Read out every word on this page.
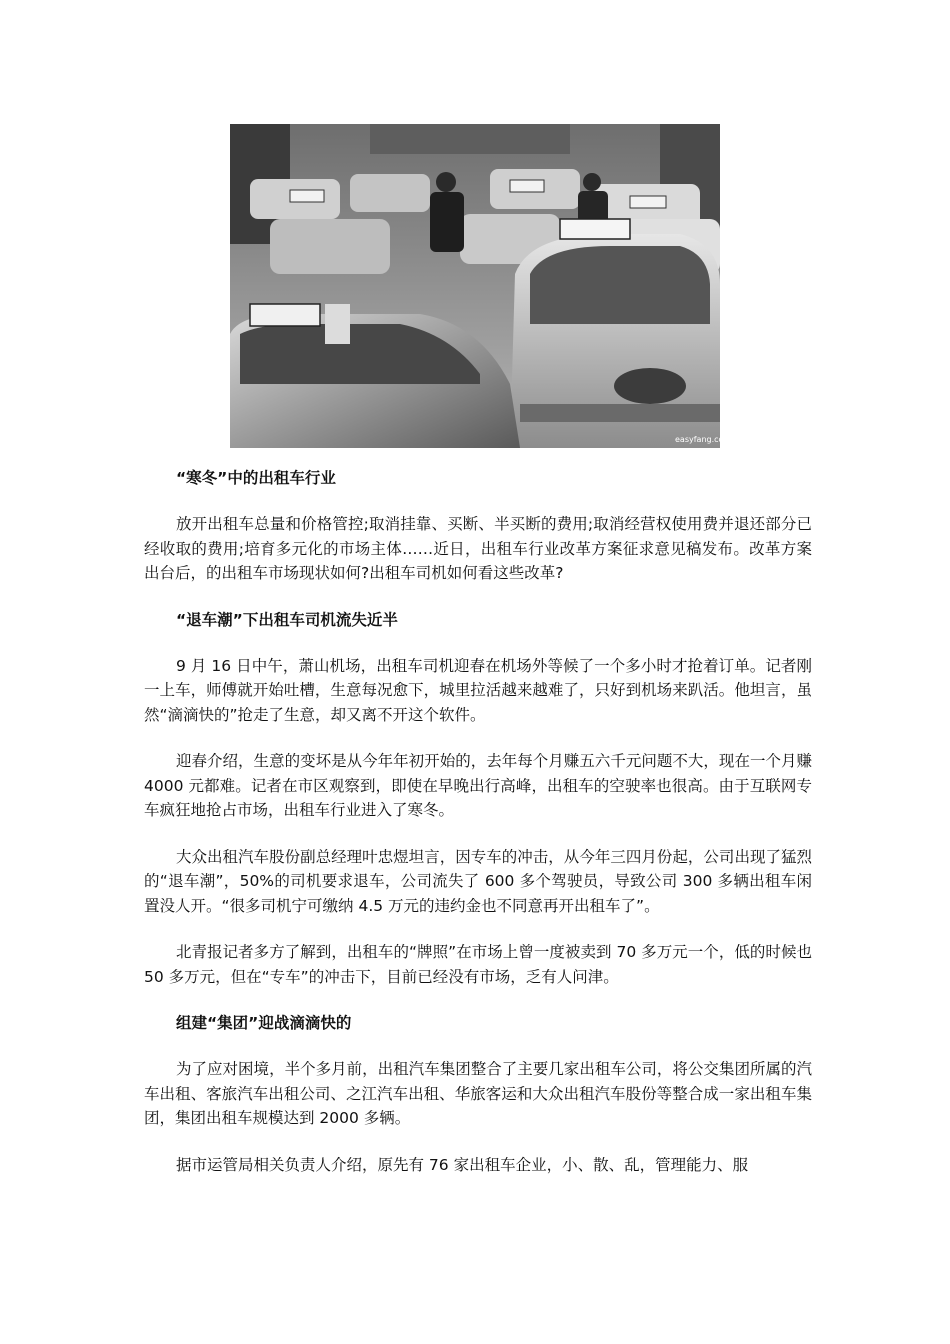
easyfang.com
“寒冬”中的出租车行业

放开出租车总量和价格管控;取消挂靠、买断、半买断的费用;取消经营权使用费并退还部分已经收取的费用;培育多元化的市场主体……近日，出租车行业改革方案征求意见稿发布。改革方案出台后，的出租车市场现状如何?出租车司机如何看这些改革?

“退车潮”下出租车司机流失近半

9 月 16 日中午，萧山机场，出租车司机迎春在机场外等候了一个多小时才抢着订单。记者刚一上车，师傅就开始吐槽，生意每况愈下，城里拉活越来越难了，只好到机场来趴活。他坦言，虽然“滴滴快的”抢走了生意，却又离不开这个软件。

迎春介绍，生意的变坏是从今年年初开始的，去年每个月赚五六千元问题不大，现在一个月赚 4000 元都难。记者在市区观察到，即使在早晚出行高峰，出租车的空驶率也很高。由于互联网专车疯狂地抢占市场，出租车行业进入了寒冬。

大众出租汽车股份副总经理叶忠煜坦言，因专车的冲击，从今年三四月份起，公司出现了猛烈的“退车潮”，50%的司机要求退车，公司流失了 600 多个驾驶员，导致公司 300 多辆出租车闲置没人开。“很多司机宁可缴纳 4.5 万元的违约金也不同意再开出租车了”。

北青报记者多方了解到，出租车的“牌照”在市场上曾一度被卖到 70 多万元一个，低的时候也 50 多万元，但在“专车”的冲击下，目前已经没有市场，乏有人问津。

组建“集团”迎战滴滴快的

为了应对困境，半个多月前，出租汽车集团整合了主要几家出租车公司，将公交集团所属的汽车出租、客旅汽车出租公司、之江汽车出租、华旅客运和大众出租汽车股份等整合成一家出租车集团，集团出租车规模达到 2000 多辆。

据市运管局相关负责人介绍，原先有 76 家出租车企业，小、散、乱，管理能力、服
